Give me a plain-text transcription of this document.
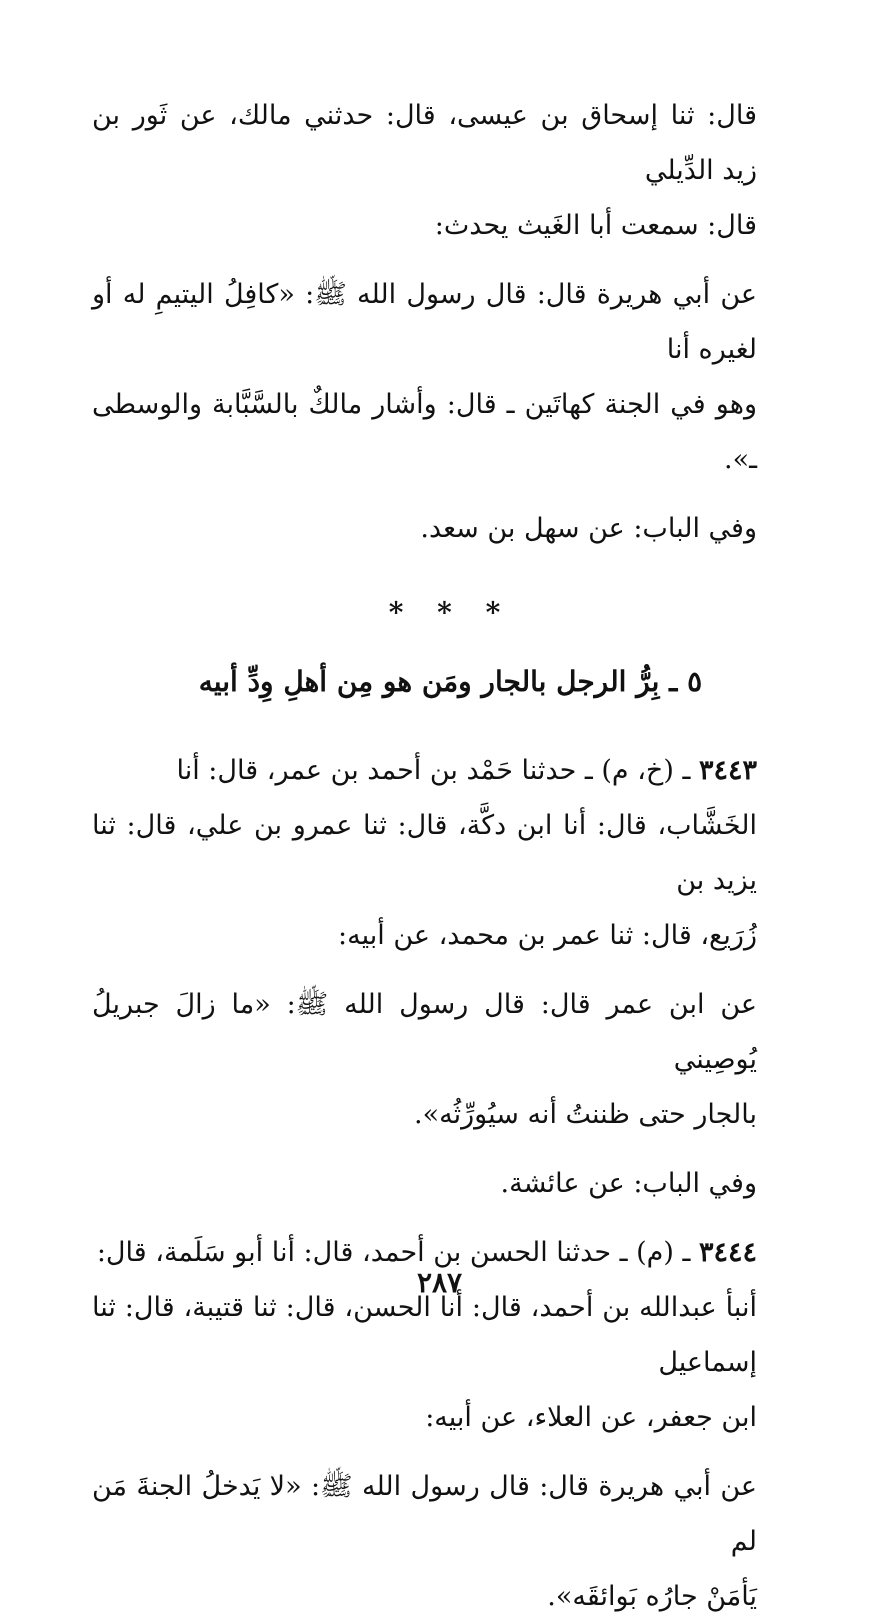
قال: ثنا إسحاق بن عيسى، قال: حدثني مالك، عن ثَور بن زيد الدِّيلي
قال: سمعت أبا الغَيث يحدث:
عن أبي هريرة قال: قال رسول الله ﷺ: «كافِلُ اليتيمِ له أو لغيره أنا
وهو في الجنة كهاتَين ـ قال: وأشار مالكٌ بالسَّبَّابة والوسطى ـ».
وفي الباب: عن سهل بن سعد.
* * *
٥ ـ بِرُّ الرجل بالجار ومَن هو مِن أهلِ وِدِّ أبيه
٣٤٤٣ ـ (خ، م) ـ حدثنا حَمْد بن أحمد بن عمر، قال: أنا
الخَشَّاب، قال: أنا ابن دكَّة، قال: ثنا عمرو بن علي، قال: ثنا يزيد بن
زُرَيع، قال: ثنا عمر بن محمد، عن أبيه:
عن ابن عمر قال: قال رسول الله ﷺ: «ما زالَ جبريلُ يُوصِيني
بالجار حتى ظننتُ أنه سيُورِّثُه».
وفي الباب: عن عائشة.
٣٤٤٤ ـ (م) ـ حدثنا الحسن بن أحمد، قال: أنا أبو سَلَمة، قال:
أنبأ عبدالله بن أحمد، قال: أنا الحسن، قال: ثنا قتيبة، قال: ثنا إسماعيل
ابن جعفر، عن العلاء، عن أبيه:
عن أبي هريرة قال: قال رسول الله ﷺ: «لا يَدخلُ الجنةَ مَن لم
يَأمَنْ جارُه بَوائقَه».
٢٨٧
